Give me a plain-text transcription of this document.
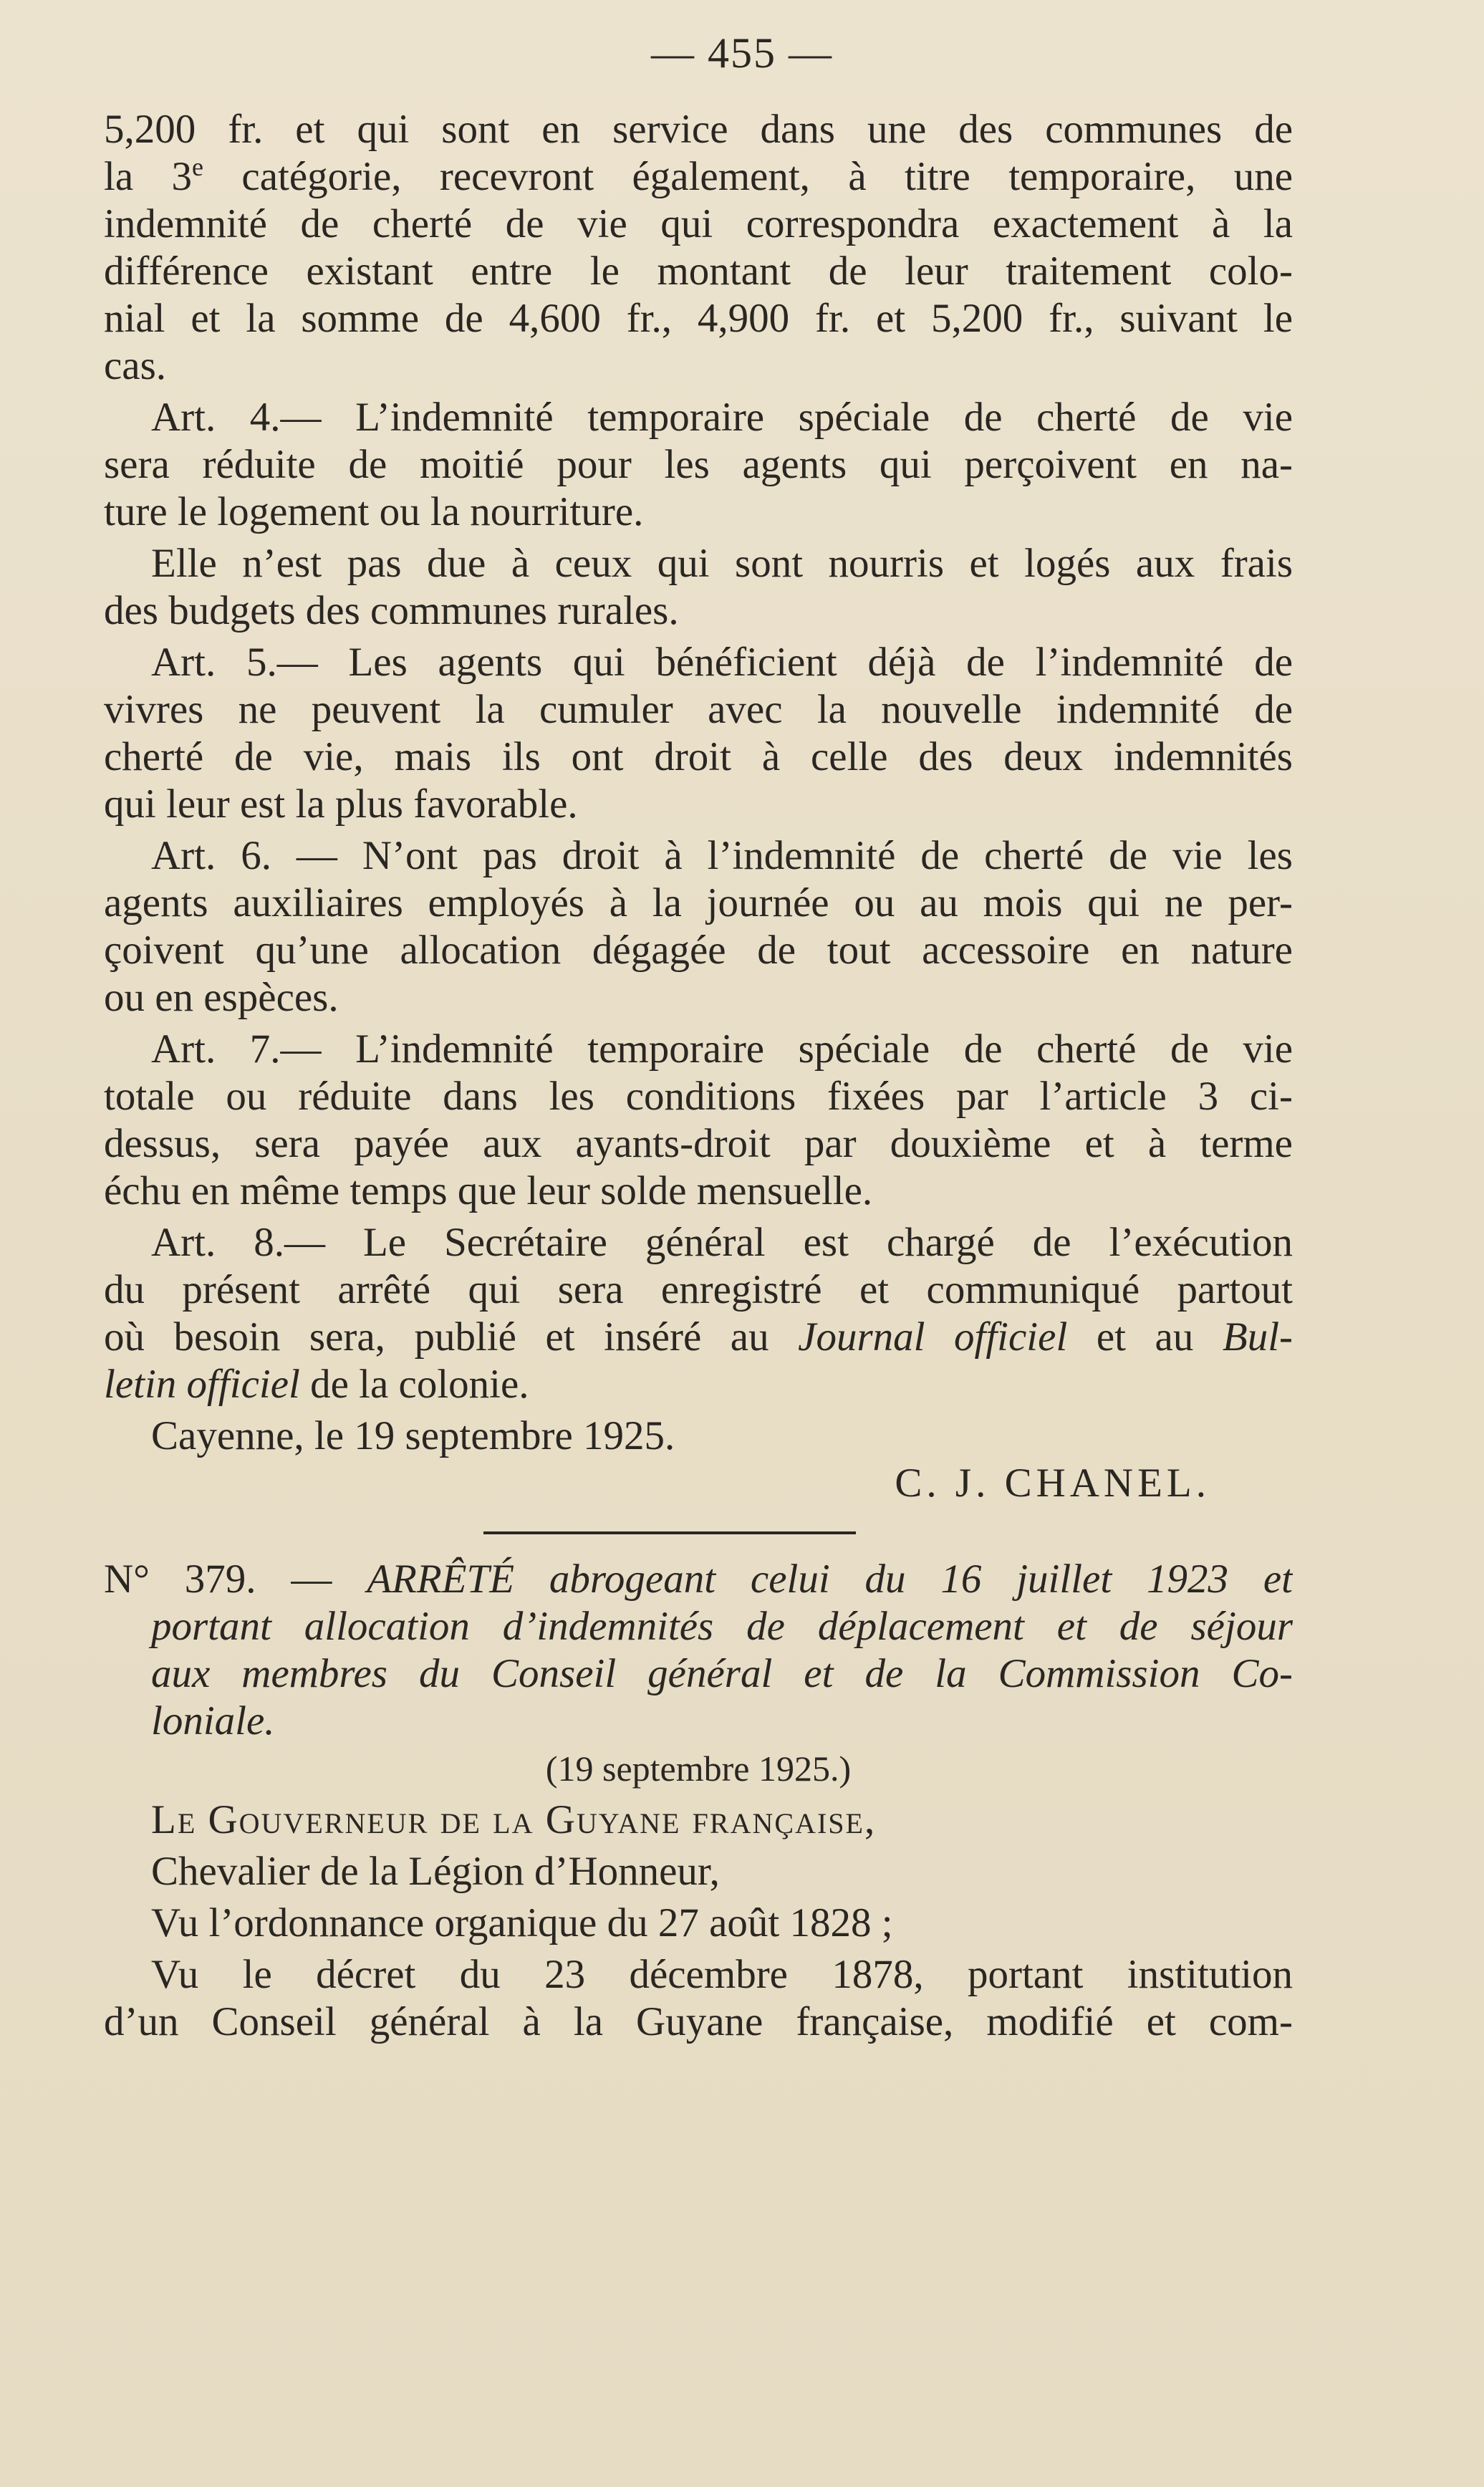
— 455 —
5,200 fr. et qui sont en service dans une des communes de
la 3e catégorie, recevront également, à titre temporaire, une
indemnité de cherté de vie qui correspondra exactement à la
différence existant entre le montant de leur traitement colo-
nial et la somme de 4,600 fr., 4,900 fr. et 5,200 fr., suivant le
cas.
Art. 4.— L’indemnité temporaire spéciale de cherté de vie
sera réduite de moitié pour les agents qui perçoivent en na-
ture le logement ou la nourriture.
Elle n’est pas due à ceux qui sont nourris et logés aux frais
des budgets des communes rurales.
Art. 5.— Les agents qui bénéficient déjà de l’indemnité de
vivres ne peuvent la cumuler avec la nouvelle indemnité de
cherté de vie, mais ils ont droit à celle des deux indemnités
qui leur est la plus favorable.
Art. 6. — N’ont pas droit à l’indemnité de cherté de vie les
agents auxiliaires employés à la journée ou au mois qui ne per-
çoivent qu’une allocation dégagée de tout accessoire en nature
ou en espèces.
Art. 7.— L’indemnité temporaire spéciale de cherté de vie
totale ou réduite dans les conditions fixées par l’article 3 ci-
dessus, sera payée aux ayants-droit par douxième et à terme
échu en même temps que leur solde mensuelle.
Art. 8.— Le Secrétaire général est chargé de l’exécution
du présent arrêté qui sera enregistré et communiqué partout
où besoin sera, publié et inséré au Journal officiel et au Bul-
letin officiel de la colonie.
Cayenne, le 19 septembre 1925.
C. J. CHANEL.
N° 379. — ARRÊTÉ abrogeant celui du 16 juillet 1923 et
portant allocation d’indemnités de déplacement et de séjour
aux membres du Conseil général et de la Commission Co-
loniale.
(19 septembre 1925.)
Le Gouverneur de la Guyane française,
Chevalier de la Légion d’Honneur,
Vu l’ordonnance organique du 27 août 1828 ;
Vu le décret du 23 décembre 1878, portant institution
d’un Conseil général à la Guyane française, modifié et com-
